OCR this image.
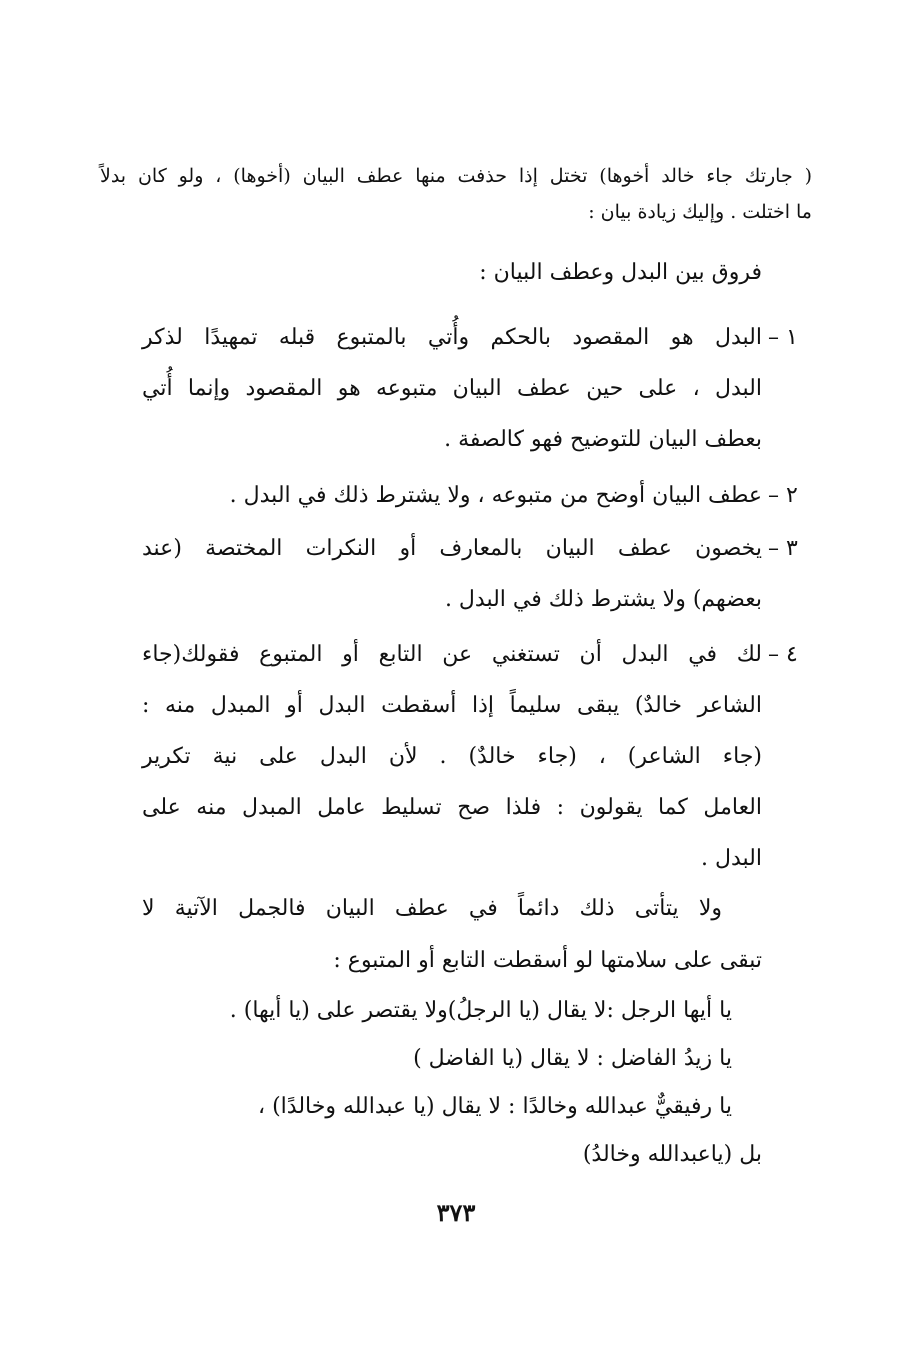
( جارتك جاء خالد أخوها) تختل إذا حذفت منها عطف البيان (أخوها) ، ولو كان بدلاً
ما اختلت . وإليك زيادة بيان :
فروق بين البدل وعطف البيان :
١ –
البدل هو المقصود بالحكم وأُتي بالمتبوع قبله تمهيدًا لذكر
البدل ، على حين عطف البيان متبوعه هو المقصود وإنما أُتي
بعطف البيان للتوضيح فهو كالصفة .
٢ –
عطف البيان أوضح من متبوعه ، ولا يشترط ذلك في البدل .
٣ –
يخصون عطف البيان بالمعارف أو النكرات المختصة (عند
بعضهم) ولا يشترط ذلك في البدل .
٤ –
لك في البدل أن تستغني عن التابع أو المتبوع فقولك(جاء
الشاعر خالدٌ) يبقى سليماً إذا أسقطت البدل أو المبدل منه :
(جاء الشاعر) ، (جاء خالدٌ) . لأن البدل على نية تكرير
العامل كما يقولون : فلذا صح تسليط عامل المبدل منه على
البدل .
ولا يتأتى ذلك دائماً في عطف البيان فالجمل الآتية لا
تبقى على سلامتها لو أسقطت التابع أو المتبوع :
يا أيها الرجل :لا يقال (يا الرجلُ)ولا يقتصر على (يا أيها) .
يا زيدُ الفاضل : لا يقال (يا الفاضل )
يا رفيقيٌّ عبدالله وخالدًا : لا يقال (يا عبدالله وخالدًا) ،
بل (ياعبدالله وخالدُ)
٣٧٣
